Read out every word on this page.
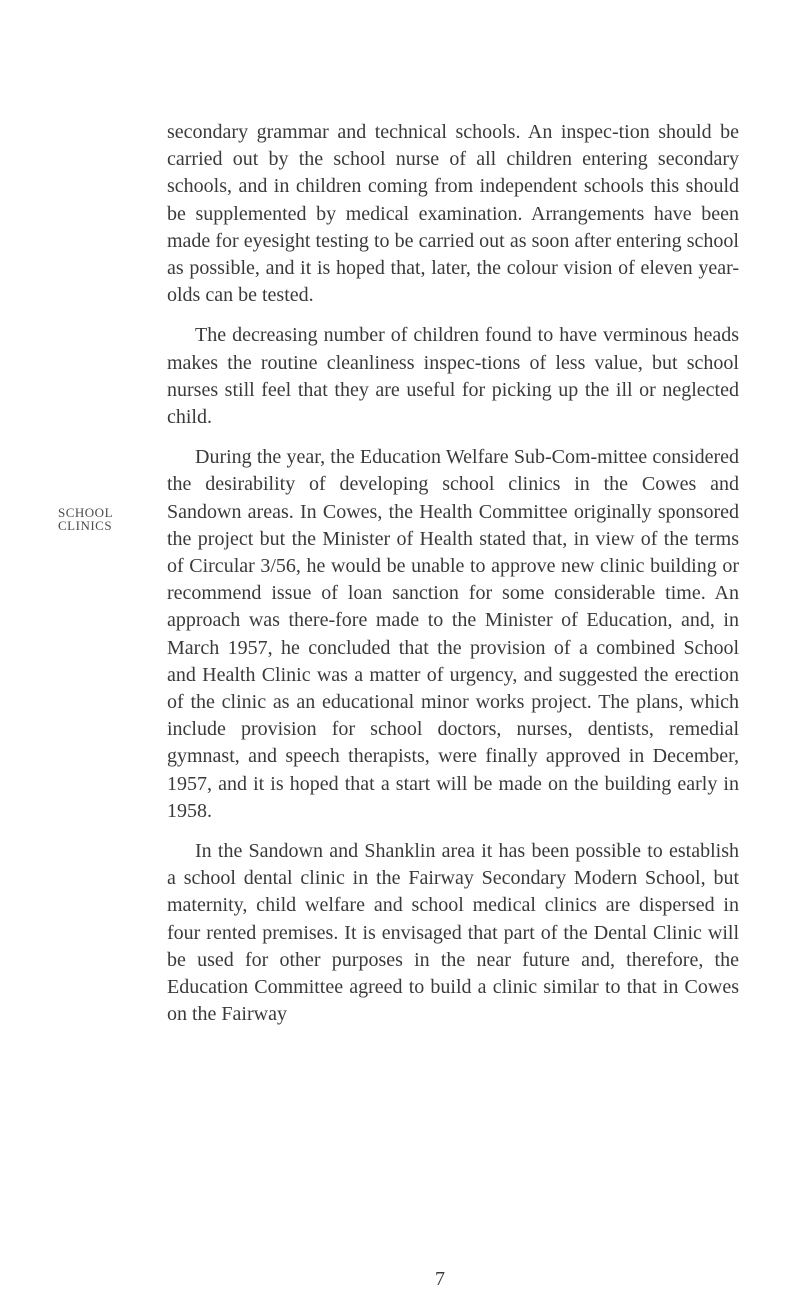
SCHOOL
CLINICS

secondary grammar and technical schools. An inspec-tion should be carried out by the school nurse of all children entering secondary schools, and in children coming from independent schools this should be supplemented by medical examination. Arrangements have been made for eyesight testing to be carried out as soon after entering school as possible, and it is hoped that, later, the colour vision of eleven year-olds can be tested.

The decreasing number of children found to have verminous heads makes the routine cleanliness inspec-tions of less value, but school nurses still feel that they are useful for picking up the ill or neglected child.

During the year, the Education Welfare Sub-Com-mittee considered the desirability of developing school clinics in the Cowes and Sandown areas. In Cowes, the Health Committee originally sponsored the project but the Minister of Health stated that, in view of the terms of Circular 3/56, he would be unable to approve new clinic building or recommend issue of loan sanction for some considerable time. An approach was there-fore made to the Minister of Education, and, in March 1957, he concluded that the provision of a combined School and Health Clinic was a matter of urgency, and suggested the erection of the clinic as an educational minor works project. The plans, which include provision for school doctors, nurses, dentists, remedial gymnast, and speech therapists, were finally approved in December, 1957, and it is hoped that a start will be made on the building early in 1958.

In the Sandown and Shanklin area it has been possible to establish a school dental clinic in the Fairway Secondary Modern School, but maternity, child welfare and school medical clinics are dispersed in four rented premises. It is envisaged that part of the Dental Clinic will be used for other purposes in the near future and, therefore, the Education Committee agreed to build a clinic similar to that in Cowes on the Fairway

7
